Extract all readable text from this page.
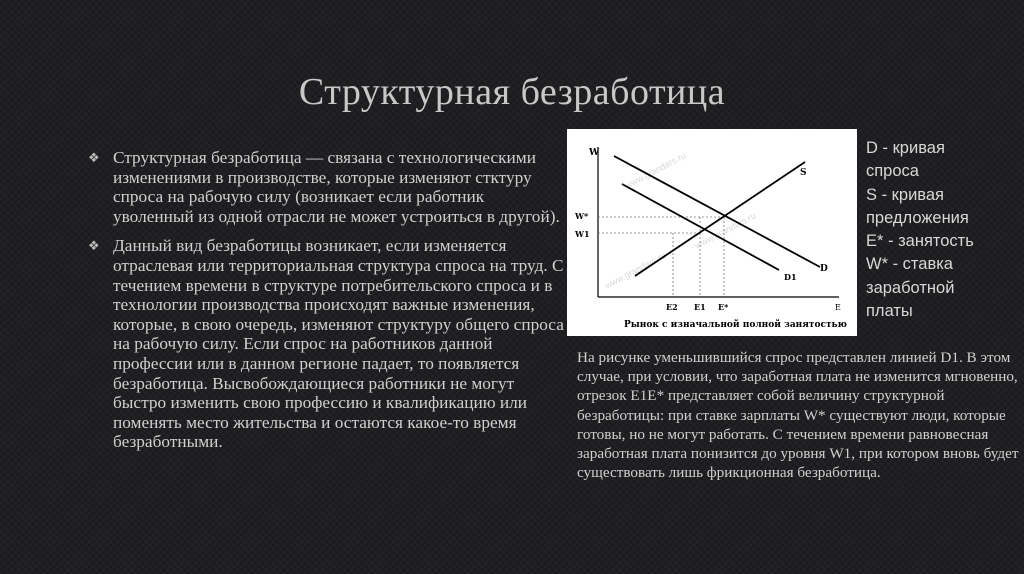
Структурная безработица
❖ Структурная безработица — связана с технологическими изменениями в производстве, которые изменяют стктуру спроса на рабочую силу (возникает если работник уволенный из одной отрасли не может устроиться в другой).
❖ Данный вид безработицы возникает, если изменяется отраслевая или территориальная структура спроса на труд. С течением времени в структуре потребительского спроса и в технологии производства происходят важные изменения, которые, в свою очередь, изменяют структуру общего спроса на рабочую силу. Если спрос на работников данной профессии или в данном регионе падает, то появляется безработица. Высвобождающиеся работники не могут быстро изменить свою профессию и квалификацию или поменять место жительства и остаются какое-то время безработными.
www.grandars.ru
www.grandars.ru
www.grandars.ru
W
E
S
D
D1
W*
W1
E2 E1 E*
Рынок с изначальной полной занятостью
D - кривая
спроса
S - кривая
предложения
E* - занятость
W* - ставка
заработной
платы
На рисунке уменьшившийся спрос представлен линией D1. В этом случае, при условии, что заработная плата не изменится мгновенно, отрезок E1E* представляет собой величину структурной безработицы: при ставке зарплаты W* существуют люди, которые готовы, но не могут работать. С течением времени равновесная заработная плата понизится до уровня W1, при котором вновь будет существовать лишь фрикционная безработица.
